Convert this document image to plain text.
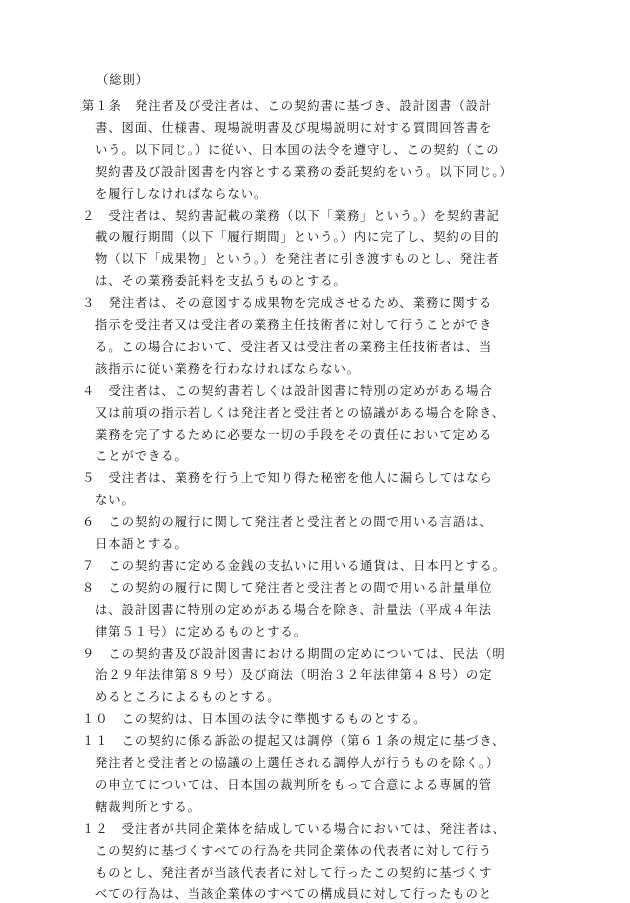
（総則）
第１条　発注者及び受注者は、この契約書に基づき、設計図書（設計
書、図面、仕様書、現場説明書及び現場説明に対する質問回答書を
いう。以下同じ。）に従い、日本国の法令を遵守し、この契約（この
契約書及び設計図書を内容とする業務の委託契約をいう。以下同じ。）
を履行しなければならない。
２　受注者は、契約書記載の業務（以下「業務」という。）を契約書記
載の履行期間（以下「履行期間」という。）内に完了し、契約の目的
物（以下「成果物」という。）を発注者に引き渡すものとし、発注者
は、その業務委託料を支払うものとする。
３　発注者は、その意図する成果物を完成させるため、業務に関する
指示を受注者又は受注者の業務主任技術者に対して行うことができ
る。この場合において、受注者又は受注者の業務主任技術者は、当
該指示に従い業務を行わなければならない。
４　受注者は、この契約書若しくは設計図書に特別の定めがある場合
又は前項の指示若しくは発注者と受注者との協議がある場合を除き、
業務を完了するために必要な一切の手段をその責任において定める
ことができる。
５　受注者は、業務を行う上で知り得た秘密を他人に漏らしてはなら
ない。
６　この契約の履行に関して発注者と受注者との間で用いる言語は、
日本語とする。
７　この契約書に定める金銭の支払いに用いる通貨は、日本円とする。
８　この契約の履行に関して発注者と受注者との間で用いる計量単位
は、設計図書に特別の定めがある場合を除き、計量法（平成４年法
律第５１号）に定めるものとする。
９　この契約書及び設計図書における期間の定めについては、民法（明
治２９年法律第８９号）及び商法（明治３２年法律第４８号）の定
めるところによるものとする。
１０　この契約は、日本国の法令に準拠するものとする。
１１　この契約に係る訴訟の提起又は調停（第６１条の規定に基づき、
発注者と受注者との協議の上選任される調停人が行うものを除く。）
の申立てについては、日本国の裁判所をもって合意による専属的管
轄裁判所とする。
１２　受注者が共同企業体を結成している場合においては、発注者は、
この契約に基づくすべての行為を共同企業体の代表者に対して行う
ものとし、発注者が当該代表者に対して行ったこの契約に基づくす
べての行為は、当該企業体のすべての構成員に対して行ったものと
